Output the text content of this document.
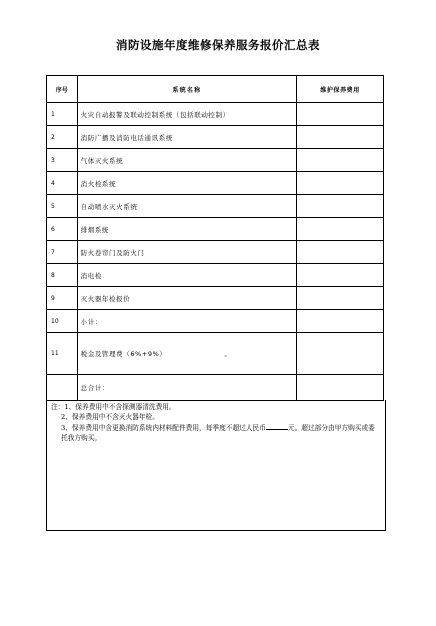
消防设施年度维修保养服务报价汇总表
序号	系统名称	维护保养费用
1	火灾自动报警及联动控制系统（包括联动控制）	
2	消防广播及消防电话通讯系统	
3	气体灭火系统	
4	消火栓系统	
5	自动喷水灭火系统	
6	排烟系统	
7	防火卷帘门及防火门	
8	消电检	
9	灭火器年检报价	
10	小计：	
11	税金及管理费（6%+9%） 。	
	总合计：	

注：1、保养费用中不含探测器清洗费用。

2、保养费用中不含灭火器年检。

3、保养费用中含更换消防系统内材料配件费用，每季度不超过人民币	元。超过部分由甲方购买或委托我方购买。
